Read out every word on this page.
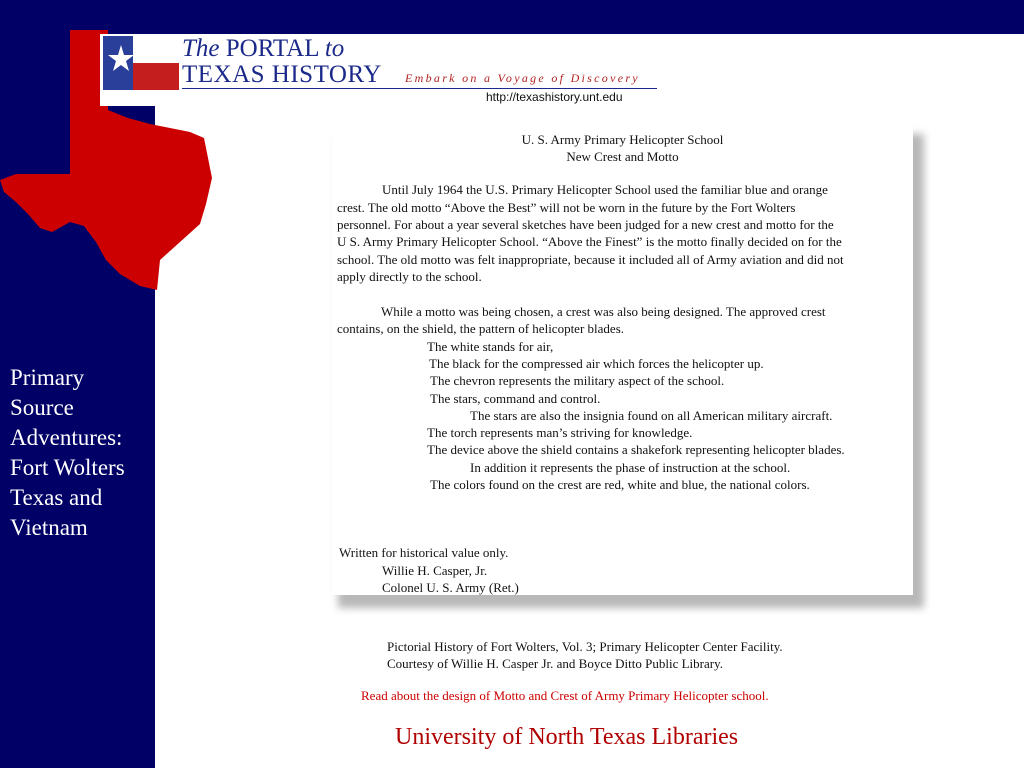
The PORTAL to
TEXAS HISTORY Embark on a Voyage of Discovery
http://texashistory.unt.edu
Primary
Source
Adventures:
Fort Wolters
Texas and
Vietnam
U. S. Army Primary Helicopter School
New Crest and Motto
Until July 1964 the U.S. Primary Helicopter School used the familiar blue and orange
crest. The old motto “Above the Best” will not be worn in the future by the Fort Wolters
personnel. For about a year several sketches have been judged for a new crest and motto for the
U S. Army Primary Helicopter School. “Above the Finest” is the motto finally decided on for the
school. The old motto was felt inappropriate, because it included all of Army aviation and did not
apply directly to the school.
While a motto was being chosen, a crest was also being designed. The approved crest
contains, on the shield, the pattern of helicopter blades.
The white stands for air,
The black for the compressed air which forces the helicopter up.
The chevron represents the military aspect of the school.
The stars, command and control.
The stars are also the insignia found on all American military aircraft.
The torch represents man’s striving for knowledge.
The device above the shield contains a shakefork representing helicopter blades.
In addition it represents the phase of instruction at the school.
The colors found on the crest are red, white and blue, the national colors.
Written for historical value only.
Willie H. Casper, Jr.
Colonel U. S. Army (Ret.)
Pictorial History of Fort Wolters, Vol. 3; Primary Helicopter Center Facility.
Courtesy of Willie H. Casper Jr. and Boyce Ditto Public Library.
Read about the design of Motto and Crest of Army Primary Helicopter school.
University of North Texas Libraries
